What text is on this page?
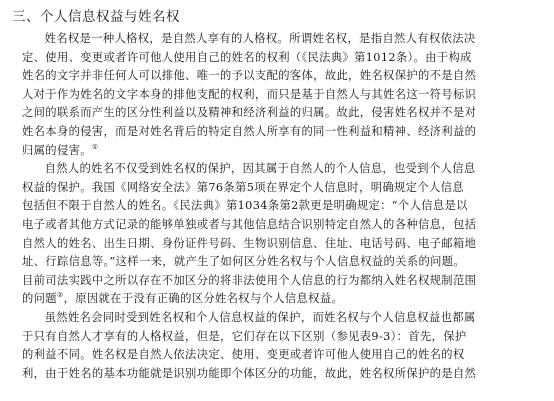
三、个人信息权益与姓名权

姓名权是一种人格权，是自然人享有的人格权。所谓姓名权，是指自然人有权依法决
定、使用、变更或者许可他人使用自己的姓名的权利（《民法典》第1012条）。由于构成
姓名的文字并非任何人可以排他、唯一的予以支配的客体，故此，姓名权保护的不是自然
人对于作为姓名的文字本身的排他支配的权利，而只是基于自然人与其姓名这一符号标识
之间的联系而产生的区分性利益以及精神和经济利益的归属。故此，侵害姓名权并不是对
姓名本身的侵害，而是对姓名背后的特定自然人所享有的同一性利益和精神、经济利益的
归属的侵害。①

自然人的姓名不仅受到姓名权的保护，因其属于自然人的个人信息，也受到个人信息
权益的保护。我国《网络安全法》第76条第5项在界定个人信息时，明确规定个人信息
包括但不限于自然人的姓名。《民法典》第1034条第2款更是明确规定：“个人信息是以
电子或者其他方式记录的能够单独或者与其他信息结合识别特定自然人的各种信息，包括
自然人的姓名、出生日期、身份证件号码、生物识别信息、住址、电话号码、电子邮箱地
址、行踪信息等。”这样一来，就产生了如何区分姓名权与个人信息权益的关系的问题。
目前司法实践中之所以存在不加区分的将非法使用个人信息的行为都纳入姓名权规制范围
的问题②，原因就在于没有正确的区分姓名权与个人信息权益。

虽然姓名会同时受到姓名权和个人信息权益的保护，而姓名权与个人信息权益也都属
于只有自然人才享有的人格权益，但是，它们存在以下区别（参见表9-3）：首先，保护
的利益不同。姓名权是自然人依法决定、使用、变更或者许可他人使用自己的姓名的权
利，由于姓名的基本功能就是识别功能即个体区分的功能，故此，姓名权所保护的是自然
